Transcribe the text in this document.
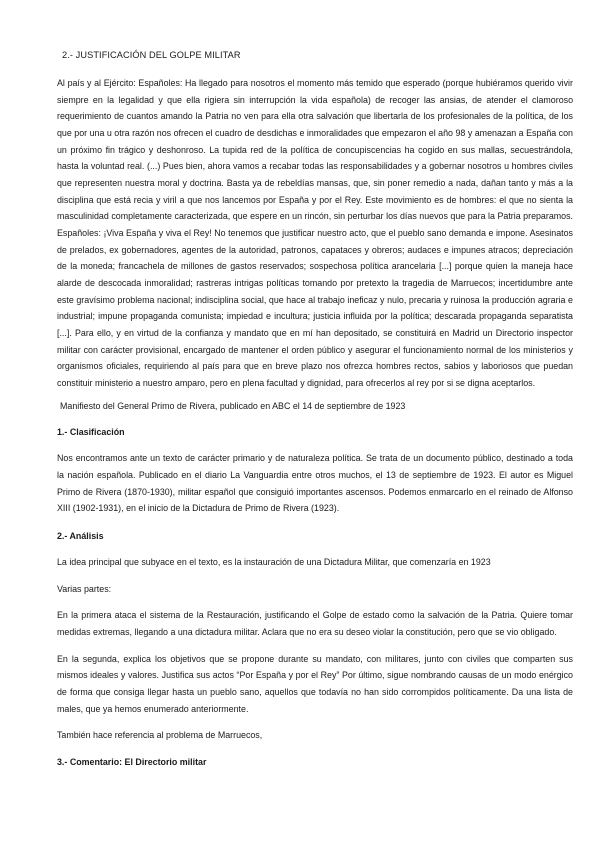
2.- JUSTIFICACIÓN DEL GOLPE MILITAR

Al país y al Ejército: Españoles: Ha llegado para nosotros el momento más temido que esperado (porque hubiéramos querido vivir siempre en la legalidad y que ella rigiera sin interrupción la vida española) de recoger las ansias, de atender el clamoroso requerimiento de cuantos amando la Patria no ven para ella otra salvación que libertarla de los profesionales de la política, de los que por una u otra razón nos ofrecen el cuadro de desdichas e inmoralidades que empezaron el año 98 y amenazan a España con un próximo fin trágico y deshonroso. La tupida red de la política de concupiscencias ha cogido en sus mallas, secuestrándola, hasta la voluntad real. (...) Pues bien, ahora vamos a recabar todas las responsabilidades y a gobernar nosotros u hombres civiles que representen nuestra moral y doctrina. Basta ya de rebeldías mansas, que, sin poner remedio a nada, dañan tanto y más a la disciplina que está recia y viril a que nos lancemos por España y por el Rey. Este movimiento es de hombres: el que no sienta la masculinidad completamente caracterizada, que espere en un rincón, sin perturbar los días nuevos que para la Patria preparamos. Españoles: ¡Viva España y viva el Rey! No tenemos que justificar nuestro acto, que el pueblo sano demanda e impone. Asesinatos de prelados, ex gobernadores, agentes de la autoridad, patronos, capataces y obreros; audaces e impunes atracos; depreciación de la moneda; francachela de millones de gastos reservados; sospechosa política arancelaria [...] porque quien la maneja hace alarde de descocada inmoralidad; rastreras intrigas políticas tomando por pretexto la tragedia de Marruecos; incertidumbre ante este gravísimo problema nacional; indisciplina social, que hace al trabajo ineficaz y nulo, precaria y ruinosa la producción agraria e industrial; impune propaganda comunista; impiedad e incultura; justicia influida por la política; descarada propaganda separatista [...]. Para ello, y en virtud de la confianza y mandato que en mí han depositado, se constituirá en Madrid un Directorio inspector militar con carácter provisional, encargado de mantener el orden público y asegurar el funcionamiento normal de los ministerios y organismos oficiales, requiriendo al país para que en breve plazo nos ofrezca hombres rectos, sabios y laboriosos que puedan constituir ministerio a nuestro amparo, pero en plena facultad y dignidad, para ofrecerlos al rey por si se digna aceptarlos.

Manifiesto del General Primo de Rivera, publicado en ABC el 14 de septiembre de 1923
1.- Clasificación

Nos encontramos ante un texto de carácter primario y de naturaleza política. Se trata de un documento público, destinado a toda la nación española. Publicado en el diario La Vanguardia entre otros muchos, el 13 de septiembre de 1923. El autor es Miguel Primo de Rivera (1870-1930), militar español que consiguió importantes ascensos. Podemos enmarcarlo en el reinado de Alfonso XIII (1902-1931), en el inicio de la Dictadura de Primo de Rivera (1923).

2.- Análisis

La idea principal que subyace en el texto, es la instauración de una Dictadura Militar, que comenzaría en 1923

Varias partes:

En la primera ataca el sistema de la Restauración, justificando el Golpe de estado como la salvación de la Patria. Quiere tomar medidas extremas, llegando a una dictadura militar. Aclara que no era su deseo violar la constitución, pero que se vio obligado.

En la segunda, explica los objetivos que se propone durante su mandato, con militares, junto con civiles que comparten sus mismos ideales y valores. Justifica sus actos “Por España y por el Rey” Por último, sigue nombrando causas de un modo enérgico de forma que consiga llegar hasta un pueblo sano, aquellos que todavía no han sido corrompidos políticamente. Da una lista de males, que ya hemos enumerado anteriormente.

También hace referencia al problema de Marruecos,

3.- Comentario: El Directorio militar
